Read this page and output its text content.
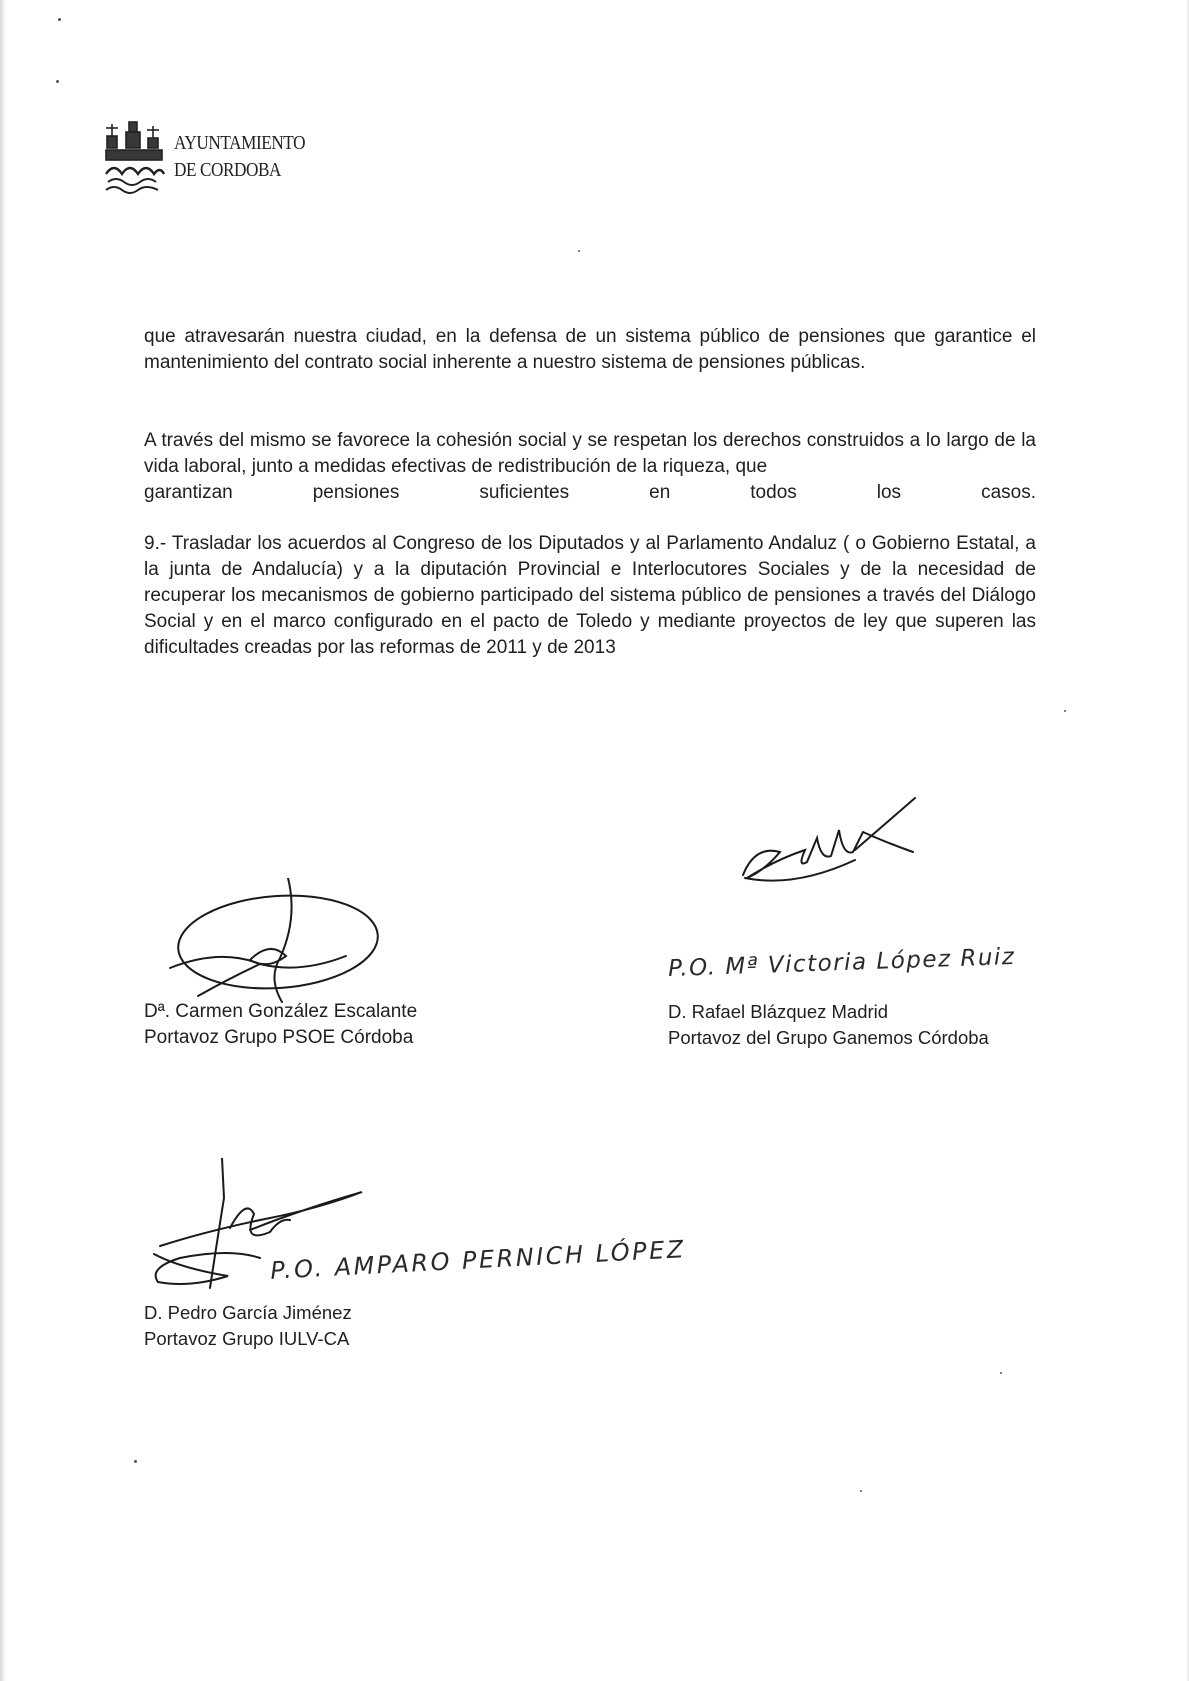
AYUNTAMIENTO
DE CORDOBA
que atravesarán nuestra ciudad, en la defensa de un sistema público de pensiones que garantice el mantenimiento del contrato social inherente a nuestro sistema de pensiones públicas.
A través del mismo se favorece la cohesión social y se respetan los derechos construidos a lo largo de la vida laboral, junto a medidas efectivas de redistribución de la riqueza, que
garantizan	pensiones	suficientes	en	todos	los	casos.
9.- Trasladar los acuerdos al Congreso de los Diputados y al Parlamento Andaluz ( o Gobierno Estatal, a la junta de Andalucía) y a la diputación Provincial e Interlocutores Sociales y de la necesidad de recuperar los mecanismos de gobierno participado del sistema público de pensiones a través del Diálogo Social y en el marco configurado en el pacto de Toledo y mediante proyectos de ley que superen las dificultades creadas por las reformas de 2011 y de 2013
P.O. Mª Victoria López Ruiz
Dª. Carmen González Escalante
Portavoz Grupo PSOE Córdoba
D. Rafael Blázquez Madrid
Portavoz del Grupo Ganemos Córdoba
P.O. AMPARO PERNICH LÓPEZ
D. Pedro García Jiménez
Portavoz Grupo IULV-CA
